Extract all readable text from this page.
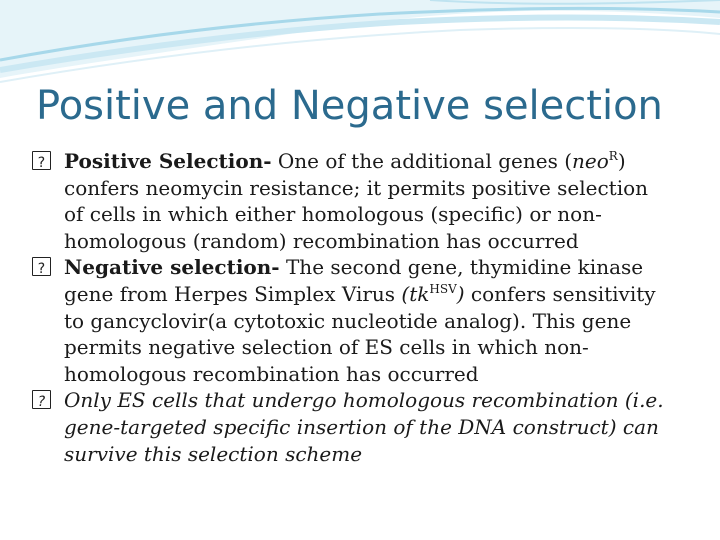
Positive and Negative selection
?
Positive Selection- One of the additional genes (neo$^R$)
confers neomycin resistance; it permits positive selection
of cells in which either homologous (specific) or non-
homologous (random) recombination has occurred
?
Negative selection- The second gene, thymidine kinase
gene from Herpes Simplex Virus $(tk^{HSV})$ confers sensitivity
to gancyclovir(a cytotoxic nucleotide analog). This gene
permits negative selection of ES cells in which non-
homologous recombination has occurred
?
Only ES cells that undergo homologous recombination (i.e.
gene-targeted specific insertion of the DNA construct) can
survive this selection scheme
